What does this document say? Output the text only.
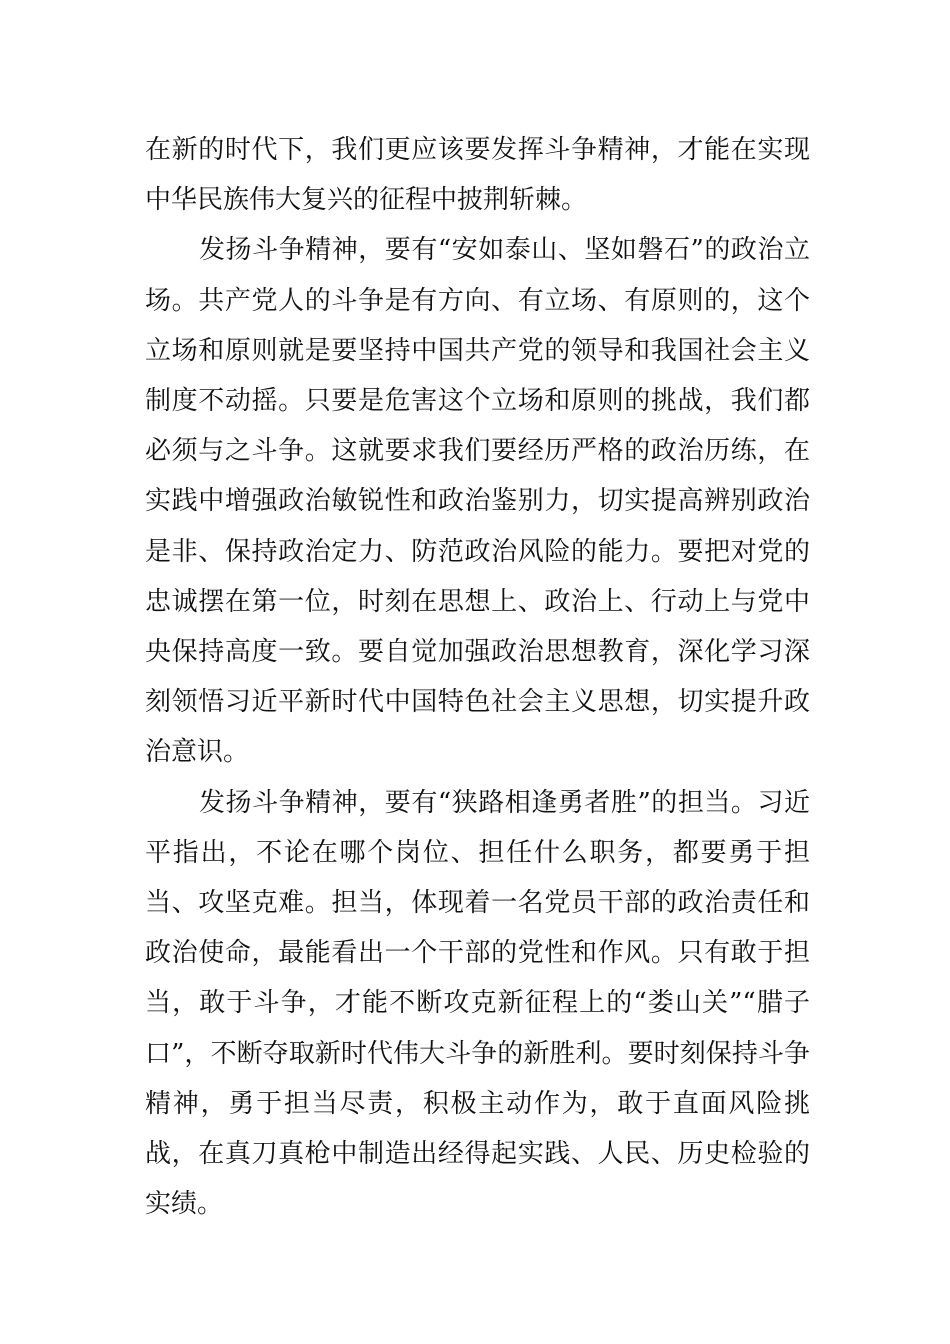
在新的时代下，我们更应该要发挥斗争精神，才能在实现中华民族伟大复兴的征程中披荆斩棘。

发扬斗争精神，要有“安如泰山、坚如磐石”的政治立场。共产党人的斗争是有方向、有立场、有原则的，这个立场和原则就是要坚持中国共产党的领导和我国社会主义制度不动摇。只要是危害这个立场和原则的挑战，我们都必须与之斗争。这就要求我们要经历严格的政治历练，在实践中增强政治敏锐性和政治鉴别力，切实提高辨别政治是非、保持政治定力、防范政治风险的能力。要把对党的忠诚摆在第一位，时刻在思想上、政治上、行动上与党中央保持高度一致。要自觉加强政治思想教育，深化学习深刻领悟习近平新时代中国特色社会主义思想，切实提升政治意识。

发扬斗争精神，要有“狭路相逢勇者胜”的担当。习近平指出，不论在哪个岗位、担任什么职务，都要勇于担当、攻坚克难。担当，体现着一名党员干部的政治责任和政治使命，最能看出一个干部的党性和作风。只有敢于担当，敢于斗争，才能不断攻克新征程上的“娄山关”“腊子口”，不断夺取新时代伟大斗争的新胜利。要时刻保持斗争精神，勇于担当尽责，积极主动作为，敢于直面风险挑战，在真刀真枪中制造出经得起实践、人民、历史检验的实绩。
